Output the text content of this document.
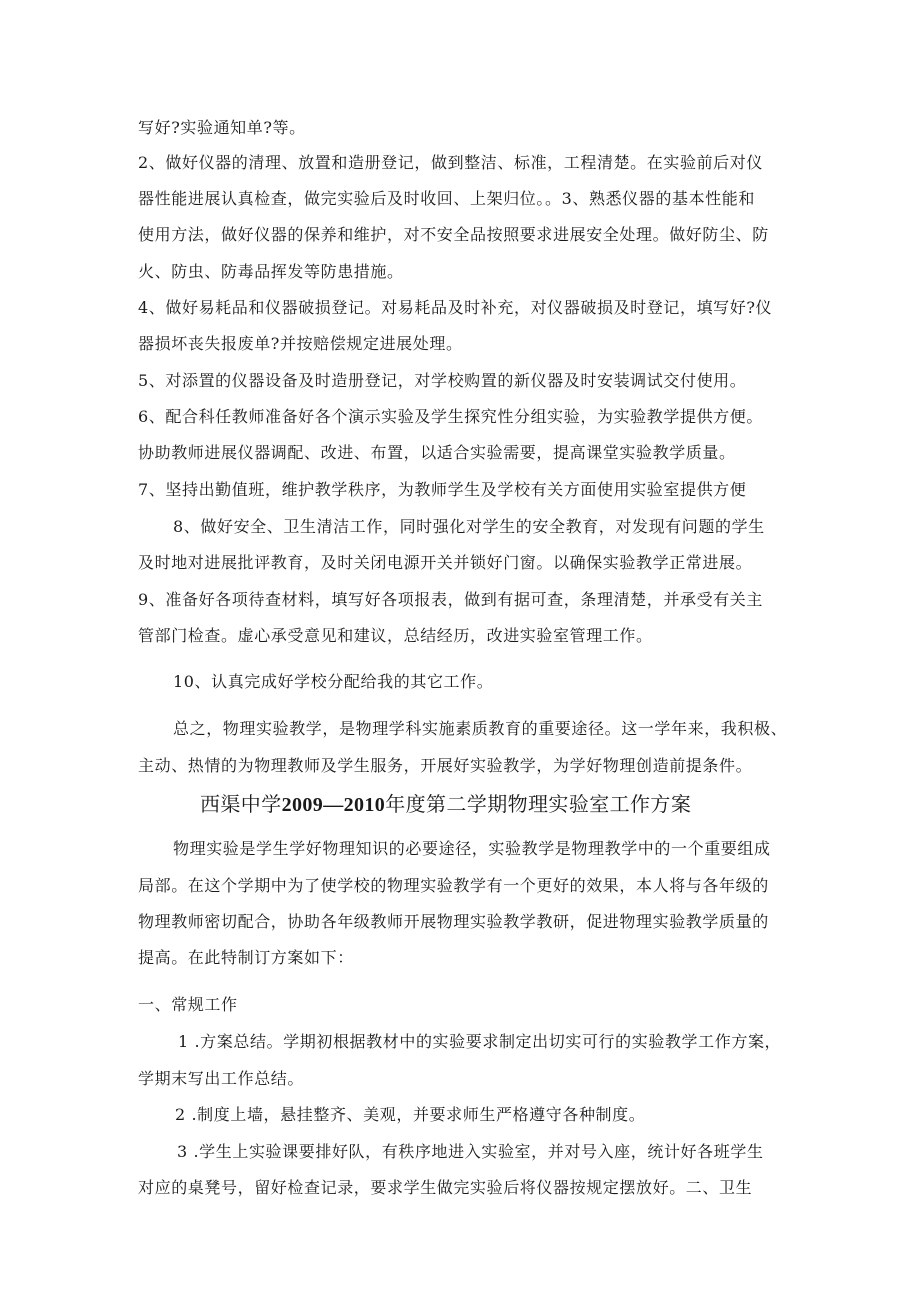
写好?实验通知单?等。
2、做好仪器的清理、放置和造册登记，做到整洁、标准，工程清楚。在实验前后对仪
器性能进展认真检查，做完实验后及时收回、上架归位。。3、熟悉仪器的基本性能和
使用方法，做好仪器的保养和维护，对不安全品按照要求进展安全处理。做好防尘、防
火、防虫、防毒品挥发等防患措施。
4、做好易耗品和仪器破损登记。对易耗品及时补充，对仪器破损及时登记，填写好?仪
器损坏丧失报废单?并按赔偿规定进展处理。
5、对添置的仪器设备及时造册登记，对学校购置的新仪器及时安装调试交付使用。
6、配合科任教师准备好各个演示实验及学生探究性分组实验，为实验教学提供方便。
协助教师进展仪器调配、改进、布置，以适合实验需要，提高课堂实验教学质量。
7、坚持出勤值班，维护教学秩序，为教师学生及学校有关方面使用实验室提供方便
8、做好安全、卫生清洁工作，同时强化对学生的安全教育，对发现有问题的学生
及时地对进展批评教育，及时关闭电源开关并锁好门窗。以确保实验教学正常进展。
9、准备好各项待查材料，填写好各项报表，做到有据可查，条理清楚，并承受有关主
管部门检查。虚心承受意见和建议，总结经历，改进实验室管理工作。
10、认真完成好学校分配给我的其它工作。
总之，物理实验教学，是物理学科实施素质教育的重要途径。这一学年来，我积极、
主动、热情的为物理教师及学生服务，开展好实验教学，为学好物理创造前提条件。
西渠中学2009—2010年度第二学期物理实验室工作方案
物理实验是学生学好物理知识的必要途径，实验教学是物理教学中的一个重要组成
局部。在这个学期中为了使学校的物理实验教学有一个更好的效果，本人将与各年级的
物理教师密切配合，协助各年级教师开展物理实验教学教研，促进物理实验教学质量的
提高。在此特制订方案如下：
一、常规工作
1 .方案总结。学期初根据教材中的实验要求制定出切实可行的实验教学工作方案，
学期末写出工作总结。
2 .制度上墙，悬挂整齐、美观，并要求师生严格遵守各种制度。
3 .学生上实验课要排好队，有秩序地进入实验室，并对号入座，统计好各班学生
对应的桌凳号，留好检查记录，要求学生做完实验后将仪器按规定摆放好。二、卫生
